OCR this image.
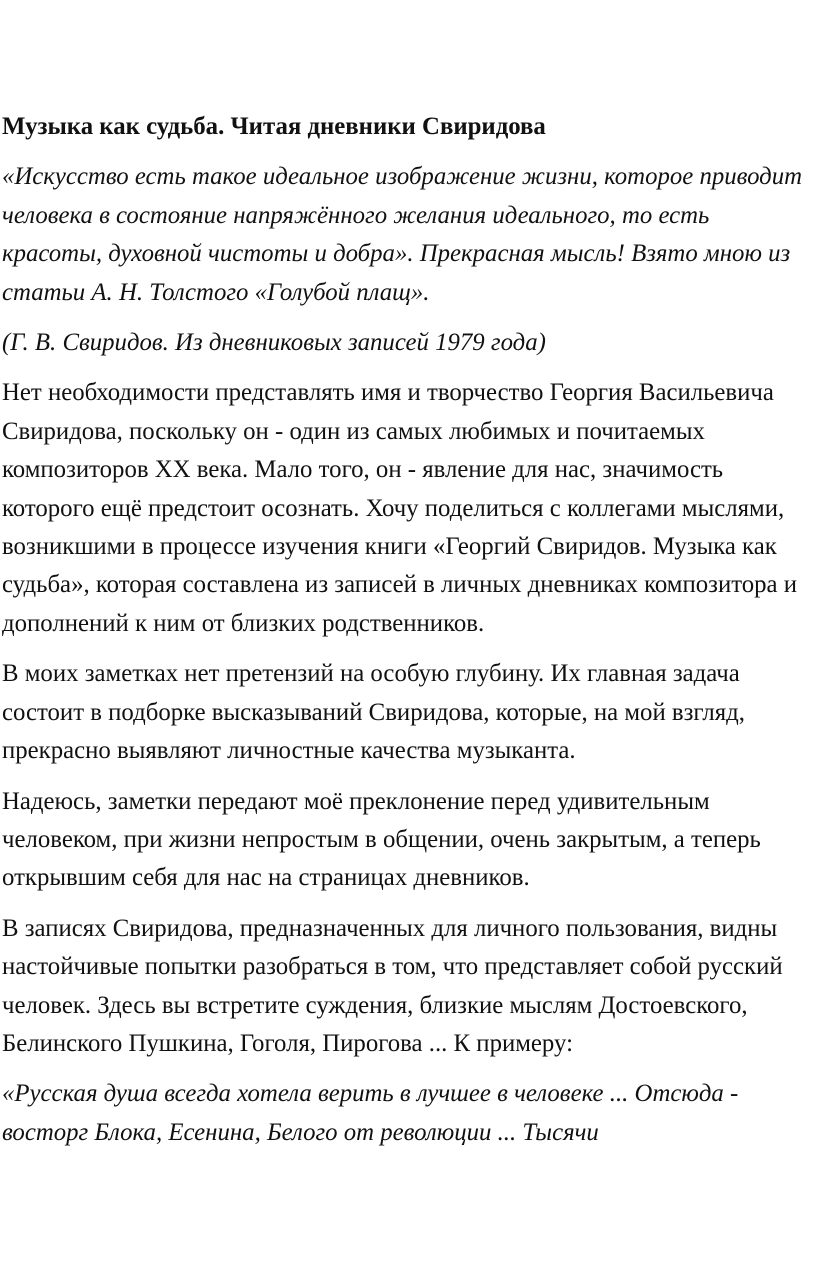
Музыка как судьба. Читая дневники Свиридова

«Искусство есть такое идеальное изображение жизни, которое приводит человека в состояние напряжённого желания идеального, то есть красоты, духовной чистоты и добра». Прекрасная мысль! Взято мною из статьи А. Н. Толстого «Голубой плащ».

(Г. В. Свиридов. Из дневниковых записей 1979 года)

Нет необходимости представлять имя и творчество Георгия Васильевича Свиридова, поскольку он - один из самых любимых и почитаемых композиторов XX века. Мало того, он - явление для нас, значимость которого ещё предстоит осознать. Хочу поделиться с коллегами мыслями, возникшими в процессе изучения книги «Георгий Свиридов. Музыка как судьба», которая составлена из записей в личных дневниках композитора и дополнений к ним от близких родственников.

В моих заметках нет претензий на особую глубину. Их главная задача состоит в подборке высказываний Свиридова, которые, на мой взгляд, прекрасно выявляют личностные качества музыканта.

Надеюсь, заметки передают моё преклонение перед удивительным человеком, при жизни непростым в общении, очень закрытым, а теперь открывшим себя для нас на страницах дневников.

В записях Свиридова, предназначенных для личного пользования, видны настойчивые попытки разобраться в том, что представляет собой русский человек. Здесь вы встретите суждения, близкие мыслям Достоевского, Белинского Пушкина, Гоголя, Пирогова ... К примеру:

«Русская душа всегда хотела верить в лучшее в человеке ... Отсюда - восторг Блока, Есенина, Белого от революции ... Тысячи
